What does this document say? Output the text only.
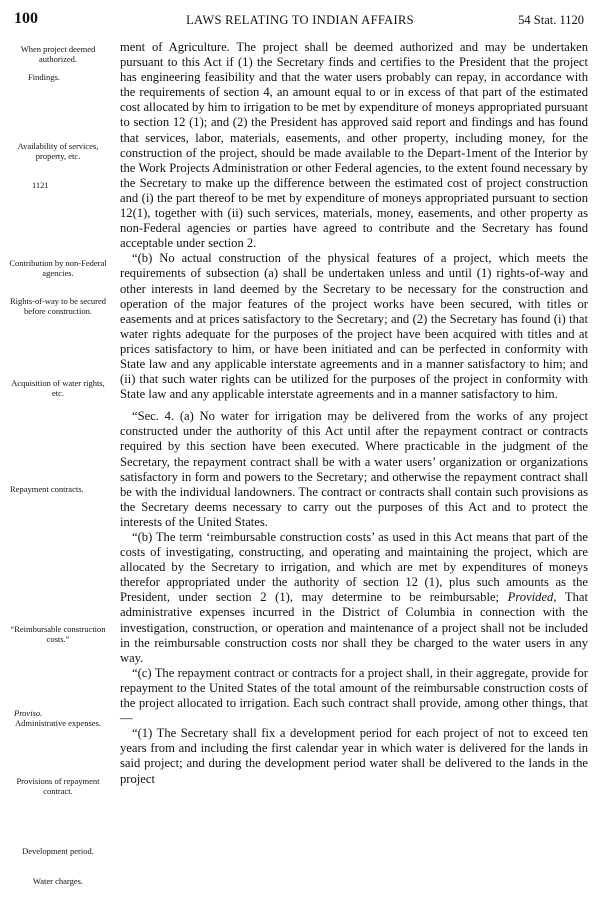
100	LAWS RELATING TO INDIAN AFFAIRS	54 Stat. 1120
When project deemed authorized.
Findings.
Availability of services, property, etc.
​1121
Contribution by non-Federal agencies.
Rights-of-way to be secured before construction.
Acquisition of water rights, etc.
Repayment contracts.
“Reimbursable construction costs.”
Proviso.
Administrative expenses.
Provisions of repayment contract.
Development period.
Water charges.

ment of Agriculture. The project shall be deemed authorized and may be undertaken pursuant to this Act if (1) the Secretary finds and certifies to the President that the project has engineering feasibility and that the water users probably can repay, in accordance with the requirements of section 4, an amount equal to or in excess of that part of the estimated cost allocated by him to irrigation to be met by expenditure of moneys appropriated pursuant to section 12 (1); and (2) the President has approved said report and findings and has found that services, labor, materials, easements, and other property, including money, for the construction of the project, should be made available to the Depart-​1ment of the Interior by the Work Projects Administration or other Federal agencies, to the extent found necessary by the Secretary to make up the difference between the estimated cost of project construction and (i) the part thereof to be met by expenditure of moneys appropriated pursuant to section 12(1), together with (ii) such services, materials, money, easements, and other property as non-Federal agencies or parties have agreed to contribute and the Secretary has found acceptable under section 2.

“(b) No actual construction of the physical features of a project, which meets the requirements of subsection (a) shall be undertaken unless and until (1) rights-of-way and other interests in land deemed by the Secretary to be necessary for the construction and operation of the major features of the project works have been secured, with titles or easements and at prices satisfactory to the Secretary; and (2) the Secretary has found (i) that water rights adequate for the purposes of the project have been acquired with titles and at prices satisfactory to him, or have been initiated and can be perfected in conformity with State law and any applicable interstate agreements and in a manner satisfactory to him; and (ii) that such water rights can be utilized for the purposes of the project in conformity with State law and any applicable interstate agreements and in a manner satisfactory to him.

“Sec. 4. (a) No water for irrigation may be delivered from the works of any project constructed under the authority of this Act until after the repayment contract or contracts required by this section have been executed. Where practicable in the judgment of the Secretary, the repayment contract shall be with a water users’ organization or organizations satisfactory in form and powers to the Secretary; and otherwise the repayment contract shall be with the individual landowners. The contract or contracts shall contain such provisions as the Secretary deems necessary to carry out the purposes of this Act and to protect the interests of the United States.

“(b) The term ‘reimbursable construction costs’ as used in this Act means that part of the costs of investigating, constructing, and operating and maintaining the project, which are allocated by the Secretary to irrigation, and which are met by expenditures of moneys therefor appropriated under the authority of section 12 (1), plus such amounts as the President, under section 2 (1), may determine to be reimbursable; Provided, That administrative expenses incurred in the District of Columbia in connection with the investigation, construction, or operation and maintenance of a project shall not be included in the reimbursable construction costs nor shall they be charged to the water users in any way.

“(c) The repayment contract or contracts for a project shall, in their aggregate, provide for repayment to the United States of the total amount of the reimbursable construction costs of the project allocated to irrigation. Each such contract shall provide, among other things, that—

“(1) The Secretary shall fix a development period for each project of not to exceed ten years from and including the first calendar year in which water is delivered for the lands in said project; and during the development period water shall be delivered to the lands in the project
